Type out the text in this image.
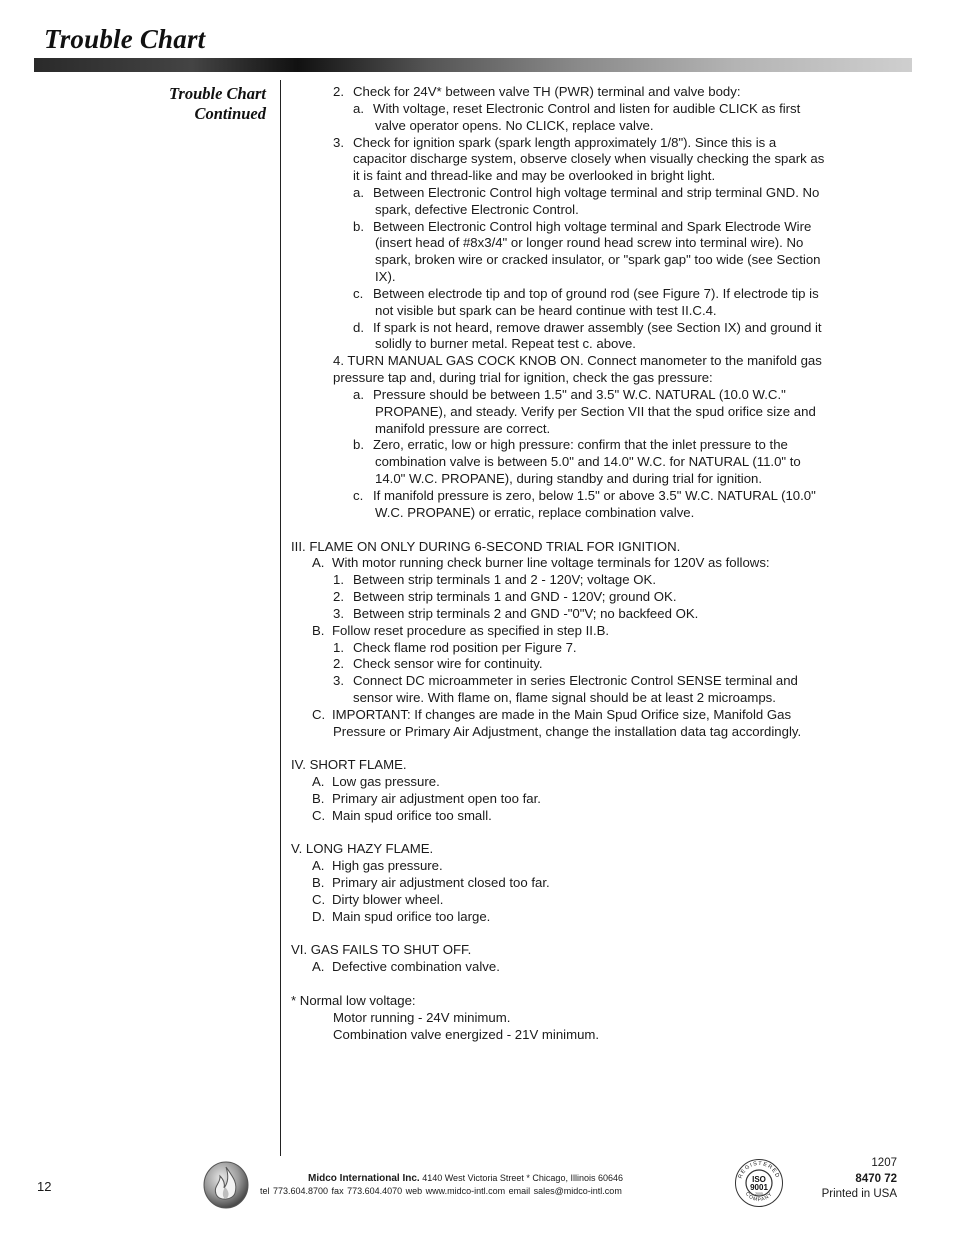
Trouble Chart
Trouble Chart
Continued
2. Check for 24V* between valve TH (PWR) terminal and valve body:
a. With voltage, reset Electronic Control and listen for audible CLICK as first
valve operator opens. No CLICK, replace valve.
3. Check for ignition spark (spark length approximately 1/8"). Since this is a
capacitor discharge system, observe closely when visually checking the spark as
it is faint and thread-like and may be overlooked in bright light.
a. Between Electronic Control high voltage terminal and strip terminal GND. No
spark, defective Electronic Control.
b. Between Electronic Control high voltage terminal and Spark Electrode Wire
(insert head of #8x3/4" or longer round head screw into terminal wire). No
spark, broken wire or cracked insulator, or "spark gap" too wide (see Section
IX).
c. Between electrode tip and top of ground rod (see Figure 7). If electrode tip is
not visible but spark can be heard continue with test II.C.4.
d. If spark is not heard, remove drawer assembly (see Section IX) and ground it
solidly to burner metal. Repeat test c. above.
4. TURN MANUAL GAS COCK KNOB ON. Connect manometer to the manifold gas
pressure tap and, during trial for ignition, check the gas pressure:
a. Pressure should be between 1.5" and 3.5" W.C. NATURAL (10.0 W.C."
PROPANE), and steady. Verify per Section VII that the spud orifice size and
manifold pressure are correct.
b. Zero, erratic, low or high pressure: confirm that the inlet pressure to the
combination valve is between 5.0" and 14.0" W.C. for NATURAL (11.0" to
14.0" W.C. PROPANE), during standby and during trial for ignition.
c. If manifold pressure is zero, below 1.5" or above 3.5" W.C. NATURAL (10.0"
W.C. PROPANE) or erratic, replace combination valve.
III. FLAME ON ONLY DURING 6-SECOND TRIAL FOR IGNITION.
A. With motor running check burner line voltage terminals for 120V as follows:
1. Between strip terminals 1 and 2 - 120V; voltage OK.
2. Between strip terminals 1 and GND - 120V; ground OK.
3. Between strip terminals 2 and GND -"0"V; no backfeed OK.
B. Follow reset procedure as specified in step II.B.
1. Check flame rod position per Figure 7.
2. Check sensor wire for continuity.
3. Connect DC microammeter in series Electronic Control SENSE terminal and
sensor wire. With flame on, flame signal should be at least 2 microamps.
C. IMPORTANT: If changes are made in the Main Spud Orifice size, Manifold Gas
Pressure or Primary Air Adjustment, change the installation data tag accordingly.
IV. SHORT FLAME.
A. Low gas pressure.
B. Primary air adjustment open too far.
C. Main spud orifice too small.
V. LONG HAZY FLAME.
A. High gas pressure.
B. Primary air adjustment closed too far.
C. Dirty blower wheel.
D. Main spud orifice too large.
VI. GAS FAILS TO SHUT OFF.
A. Defective combination valve.
* Normal low voltage:
Motor running - 24V minimum.
Combination valve energized - 21V minimum.
12
Midco International Inc. 4140 West Victoria Street * Chicago, Illinois 60646
tel 773.604.8700 fax 773.604.4070 web www.midco-intl.com email sales@midco-intl.com
REGISTERED
COMPANY
ISO
9001
2000
1207
8470 72
Printed in USA
